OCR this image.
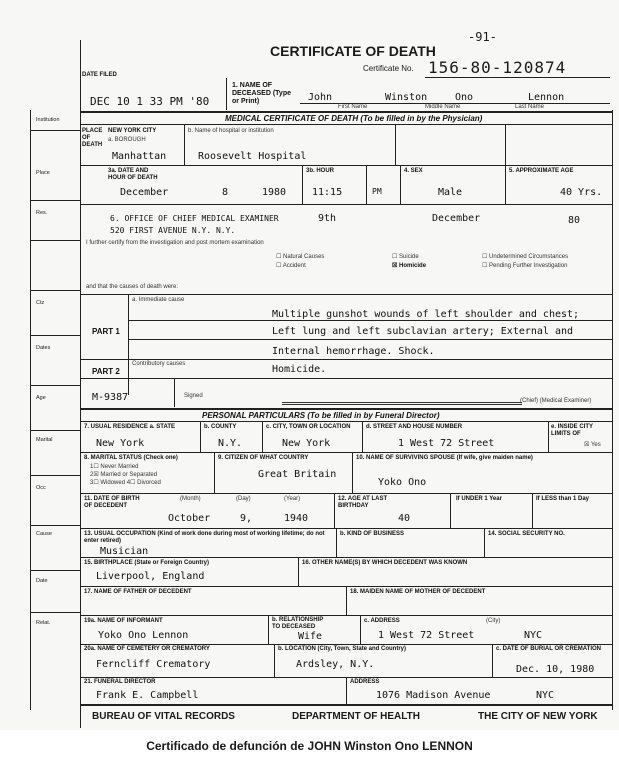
-91-
CERTIFICATE OF DEATH
Certificate No. 156-80-120874
DATE FILED
DEC 10 1 33 PM '80
1. NAME OF DECEASED (Type or Print)	John	Winston	Ono	Lennon
First Name	Middle Name	Last Name
MEDICAL CERTIFICATE OF DEATH (To be filled in by the Physician)
PLACE OF DEATH
NEW YORK CITY
a. BOROUGH
Manhattan
b. Name of hospital or institution
Roosevelt Hospital
3a. DATE AND HOUR OF DEATH
December	8	1980
3b. HOUR
11:15	PM
4. SEX
Male
5. APPROXIMATE AGE
40 Yrs.
6. OFFICE OF CHIEF MEDICAL EXAMINER
520 FIRST AVENUE N.Y. N.Y.
9th	December	80
I further certify from the investigation and post mortem examination
☐ Natural Causes
☐ Accident
☐ Suicide
☒ Homicide
☐ Undetermined Circumstances
☐ Pending Further Investigation
and that the causes of death were:
PART 1
a. Immediate cause
Multiple gunshot wounds of left shoulder and chest;
Left lung and left subclavian artery; External and
Internal hemorrhage. Shock.
PART 2
Contributory causes	Homicide.
M-9387	Signed
(Chief) (Medical Examiner)
PERSONAL PARTICULARS (To be filled in by Funeral Director)
7. USUAL RESIDENCE a. STATE
New York
b. COUNTY
N.Y.
c. CITY, TOWN OR LOCATION
New York
d. STREET AND HOUSE NUMBER
1 West 72 Street
e. INSIDE CITY LIMITS OF
☒ Yes
8. MARITAL STATUS (Check one)
1☐ Never Married
2☒ Married or Separated
3☐ Widowed 4☐ Divorced
9. CITIZEN OF WHAT COUNTRY
Great Britain
10. NAME OF SURVIVING SPOUSE (If wife, give maiden name)
Yoko Ono
11. DATE OF BIRTH OF DECEDENT
(Month)	(Day)	(Year)
October	9,	1940
12. AGE AT LAST BIRTHDAY
40
If UNDER 1 Year	If LESS than 1 Day
13. USUAL OCCUPATION (Kind of work done during most of working lifetime; do not enter retired)
Musician
b. KIND OF BUSINESS	14. SOCIAL SECURITY NO.
15. BIRTHPLACE (State or Foreign Country)
Liverpool, England
16. OTHER NAME(S) BY WHICH DECEDENT WAS KNOWN
17. NAME OF FATHER OF DECEDENT	18. MAIDEN NAME OF MOTHER OF DECEDENT
19a. NAME OF INFORMANT
Yoko Ono Lennon
b. RELATIONSHIP TO DECEASED
Wife
c. ADDRESS	(City)
1 West 72 Street	NYC
20a. NAME OF CEMETERY OR CREMATORY
Ferncliff Crematory
b. LOCATION (City, Town, State and Country)
Ardsley, N.Y.
c. DATE OF BURIAL OR CREMATION
Dec. 10, 1980
21. FUNERAL DIRECTOR
Frank E. Campbell
ADDRESS
1076 Madison Avenue	NYC
BUREAU OF VITAL RECORDS	DEPARTMENT OF HEALTH	THE CITY OF NEW YORK
Institution
Place
Res.
Ctz
Dates
Age
Marital
Occ
Cause
Date
Relat.
Certificado de defunción de JOHN Winston Ono LENNON
